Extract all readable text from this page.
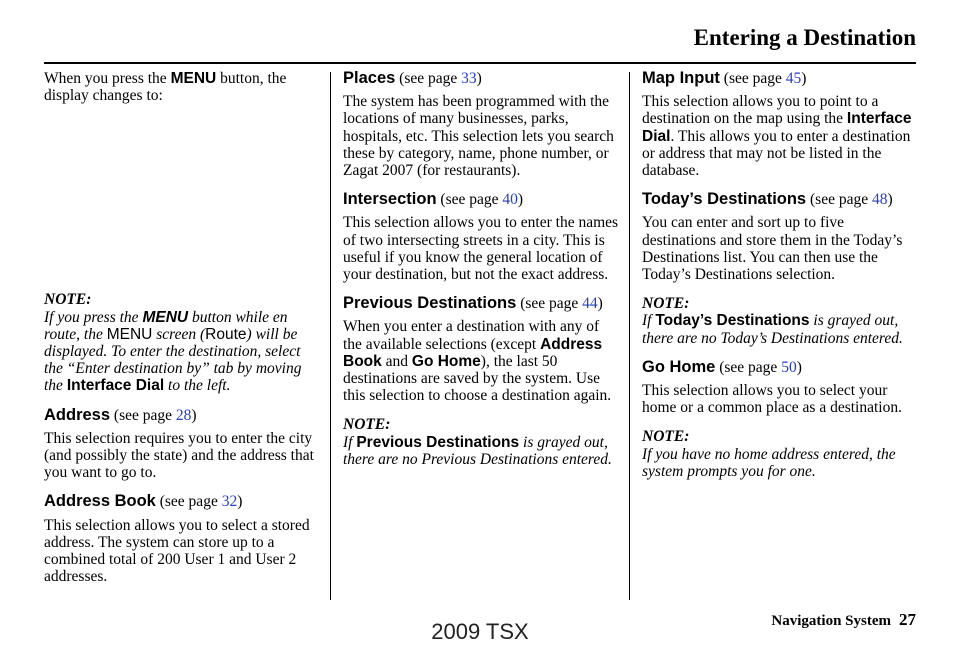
Entering a Destination

When you press the MENU button, the display changes to:

NOTE:

If you press the MENU button while en route, the MENU screen (Route) will be displayed. To enter the destination, select the “Enter destination by” tab by moving the Interface Dial to the left.

Address (see page 28)

This selection requires you to enter the city (and possibly the state) and the address that you want to go to.

Address Book (see page 32)

This selection allows you to select a stored address. The system can store up to a combined total of 200 User 1 and User 2 addresses.

Places (see page 33)

The system has been programmed with the locations of many businesses, parks, hospitals, etc. This selection lets you search these by category, name, phone number, or Zagat 2007 (for restaurants).

Intersection (see page 40)

This selection allows you to enter the names of two intersecting streets in a city. This is useful if you know the general location of your destination, but not the exact address.

Previous Destinations (see page 44)

When you enter a destination with any of the available selections (except Address Book and Go Home), the last 50 destinations are saved by the system. Use this selection to choose a destination again.

NOTE:

If Previous Destinations is grayed out, there are no Previous Destinations entered.

Map Input (see page 45)

This selection allows you to point to a destination on the map using the Interface Dial. This allows you to enter a destination or address that may not be listed in the database.

Today’s Destinations (see page 48)

You can enter and sort up to five destinations and store them in the Today’s Destinations list. You can then use the Today’s Destinations selection.

NOTE:

If Today’s Destinations is grayed out, there are no Today’s Destinations entered.

Go Home (see page 50)

This selection allows you to select your home or a common place as a destination.

NOTE:

If you have no home address entered, the system prompts you for one.

Navigation System 27
2009 TSX
